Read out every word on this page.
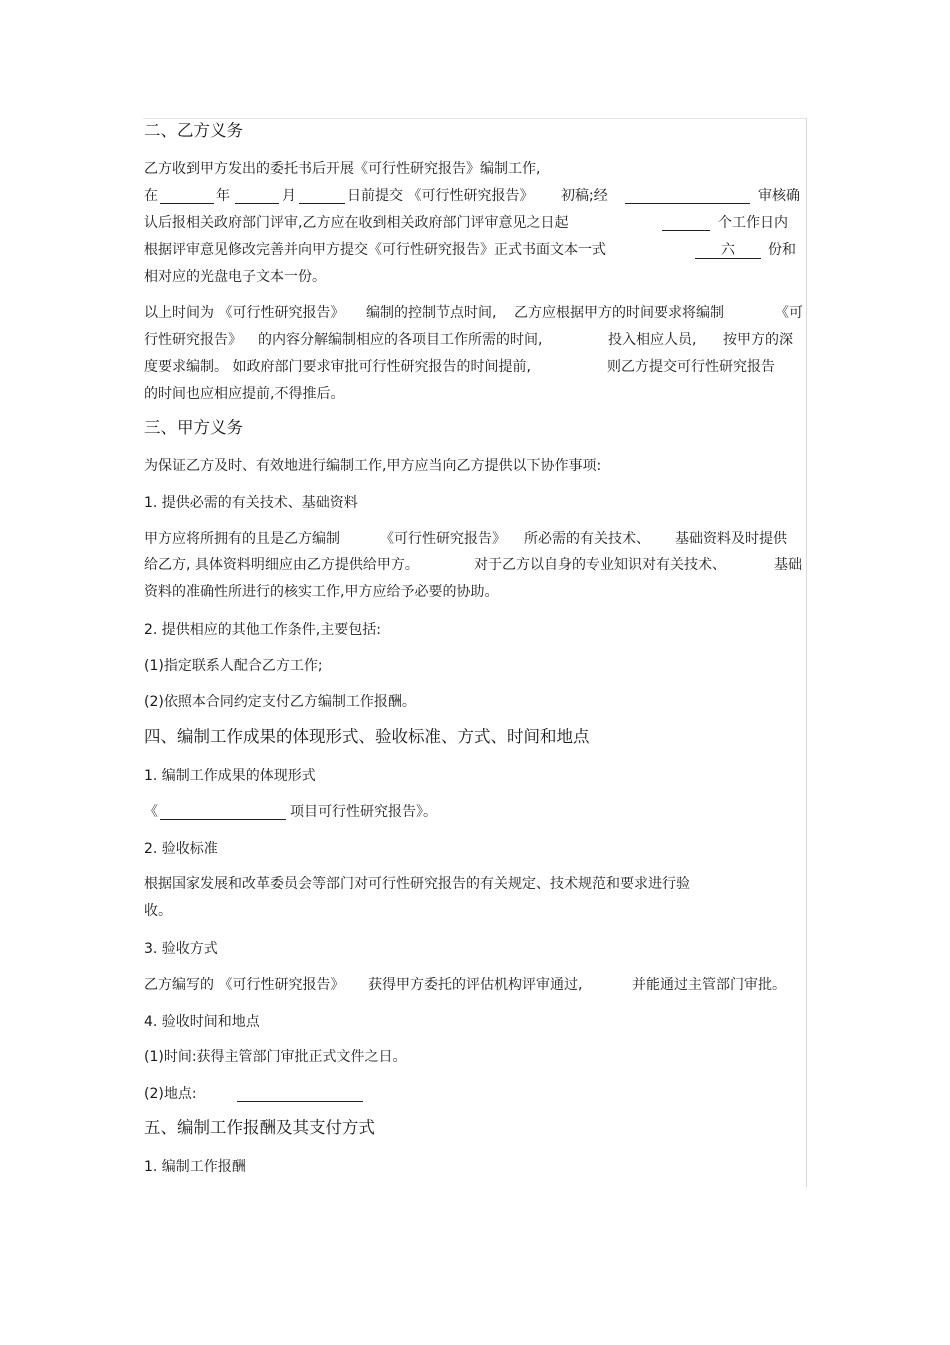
二、乙方义务
乙方收到甲方发出的委托书后开展《可行性研究报告》编制工作,
在	年	月	日前提交 《可行性研究报告》 初稿;经	审核确
认后报相关政府部门评审,乙方应在收到相关政府部门评审意见之日起	个工作日内
根据评审意见修改完善并向甲方提交《可行性研究报告》正式书面文本一式	六	份和
相对应的光盘电子文本一份。
以上时间为 《可行性研究报告》 编制的控制节点时间, 乙方应根据甲方的时间要求将编制	《可
行性研究报告》 的内容分解编制相应的各项目工作所需的时间,	投入相应人员, 按甲方的深
度要求编制。 如政府部门要求审批可行性研究报告的时间提前,	则乙方提交可行性研究报告
的时间也应相应提前,不得推后。
三、甲方义务
为保证乙方及时、有效地进行编制工作,甲方应当向乙方提供以下协作事项:
1. 提供必需的有关技术、基础资料
甲方应将所拥有的且是乙方编制	《可行性研究报告》 所必需的有关技术、 基础资料及时提供
给乙方, 具体资料明细应由乙方提供给甲方。	对于乙方以自身的专业知识对有关技术、	基础
资料的准确性所进行的核实工作,甲方应给予必要的协助。
2. 提供相应的其他工作条件,主要包括:
(1)指定联系人配合乙方工作;
(2)依照本合同约定支付乙方编制工作报酬。
四、编制工作成果的体现形式、验收标准、方式、时间和地点
1. 编制工作成果的体现形式
《	项目可行性研究报告》。
2. 验收标准
根据国家发展和改革委员会等部门对可行性研究报告的有关规定、技术规范和要求进行验
收。
3. 验收方式
乙方编写的 《可行性研究报告》 获得甲方委托的评估机构评审通过,	并能通过主管部门审批。
4. 验收时间和地点
(1)时间:获得主管部门审批正式文件之日。
(2)地点:
五、编制工作报酬及其支付方式
1. 编制工作报酬
